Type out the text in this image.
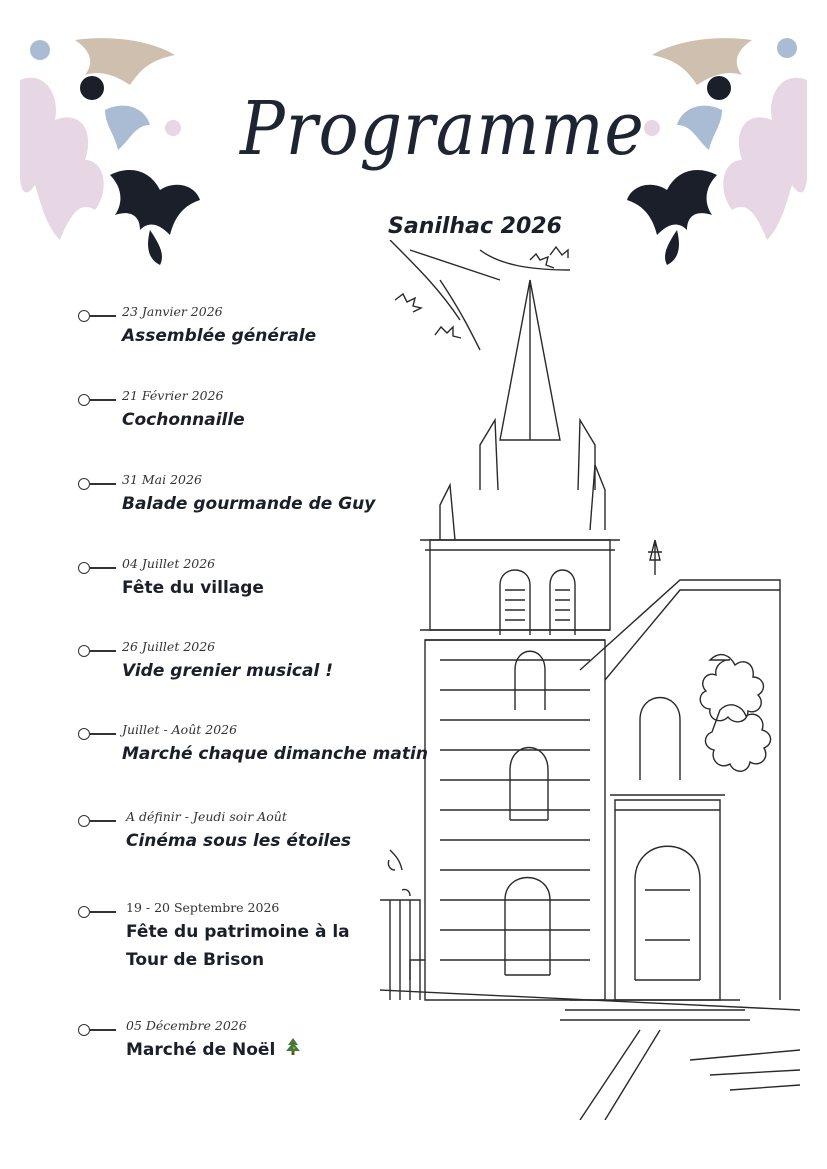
Programme
Sanilhac 2026
23 Janvier 2026
Assemblée générale
21 Février 2026
Cochonnaille
31 Mai 2026
Balade gourmande de Guy
04 Juillet 2026
Fête du village
26 Juillet 2026
Vide grenier musical !
Juillet - Août 2026
Marché chaque dimanche matin
A définir - Jeudi soir Août
Cinéma sous les étoiles
19 - 20 Septembre 2026
Fête du patrimoine à la
Tour de Brison
05 Décembre 2026
Marché de Noël
